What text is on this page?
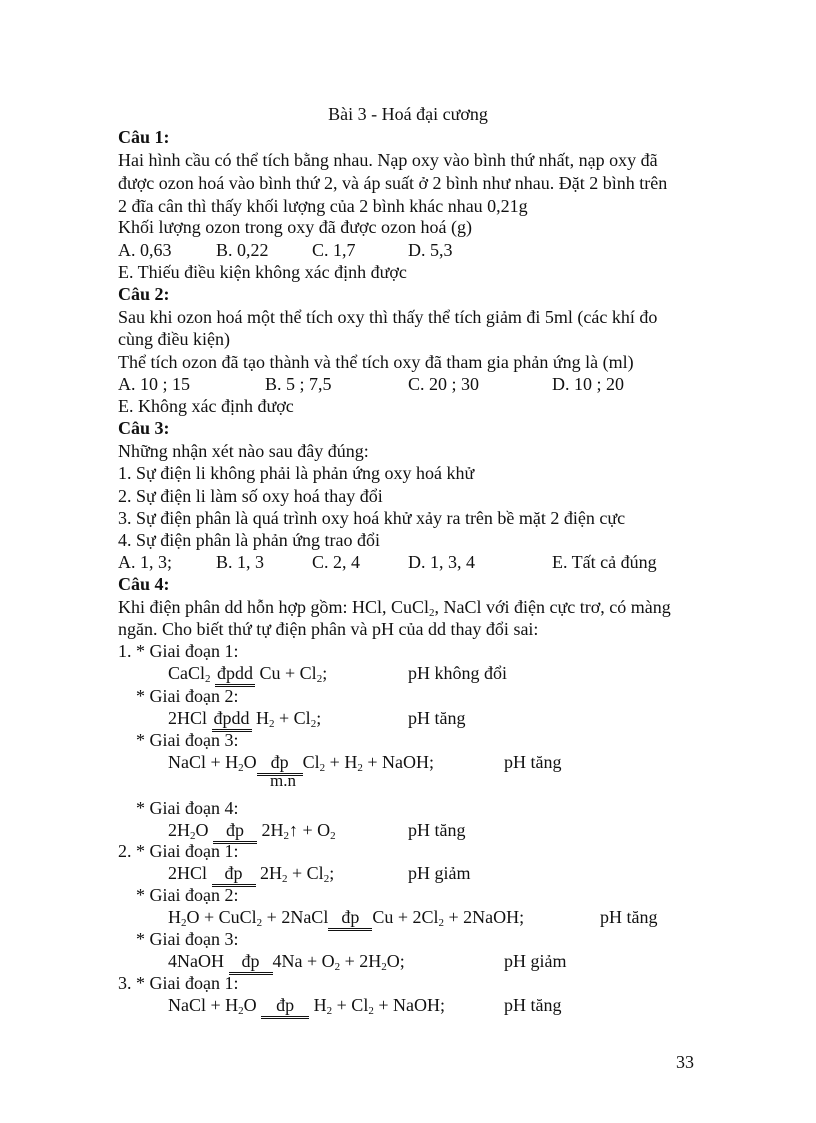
Bài 3 - Hoá đại cương
Câu 1:
Hai hình cầu có thể tích bằng nhau. Nạp oxy vào bình thứ nhất, nạp oxy đã
được ozon hoá vào bình thứ 2, và áp suất ở 2 bình như nhau. Đặt 2 bình trên
2 đĩa cân thì thấy khối lượng của 2 bình khác nhau 0,21g
Khối lượng ozon trong oxy đã được ozon hoá (g)
A. 0,63 B. 0,22 C. 1,7	D. 5,3
E. Thiếu điều kiện không xác định được
Câu 2:
Sau khi ozon hoá một thể tích oxy thì thấy thể tích giảm đi 5ml (các khí đo
cùng điều kiện)
Thể tích ozon đã tạo thành và thể tích oxy đã tham gia phản ứng là (ml)
A. 10 ; 15	B. 5 ; 7,5	C. 20 ; 30	D. 10 ; 20
E. Không xác định được
Câu 3:
Những nhận xét nào sau đây đúng:
1. Sự điện li không phải là phản ứng oxy hoá khử
2. Sự điện li làm số oxy hoá thay đổi
3. Sự điện phân là quá trình oxy hoá khử xảy ra trên bề mặt 2 điện cực
4. Sự điện phân là phản ứng trao đổi
A. 1, 3; B. 1, 3	C. 2, 4	D. 1, 3, 4	E. Tất cả đúng
Câu 4:
Khi điện phân dd hỗn hợp gồm: HCl, CuCl$_2$, NaCl với điện cực trơ, có màng
ngăn. Cho biết thứ tự điện phân và pH của dd thay đổi sai:
1. * Giai đoạn 1:
CaCl$_2$ đpdd $Cu + Cl_2$;	pH không đổi
* Giai đoạn 2:
2HCl đpdd $H_2 + Cl_2$;	pH tăng
* Giai đoạn 3:
NaCl + $H_2O$ đp $Cl_2 + H_2$ + NaOH;	pH tăng
m.n
* Giai đoạn 4:
$2H_2O$ đp $2H_2↑ + O_2$	pH tăng
2. * Giai đoạn 1:
2HCl đp $2H_2 + Cl_2$;	pH giảm
* Giai đoạn 2:
$H_2O$ + CuCl$_2$ + 2NaCl đp $Cu + 2Cl_2$ + 2NaOH;	pH tăng
* Giai đoạn 3:
4NaOH đp $4Na + O_2 + 2H_2O$;	pH giảm
3. * Giai đoạn 1:
NaCl + $H_2O$ đp $H_2 + Cl_2$ + NaOH;	pH tăng
33
